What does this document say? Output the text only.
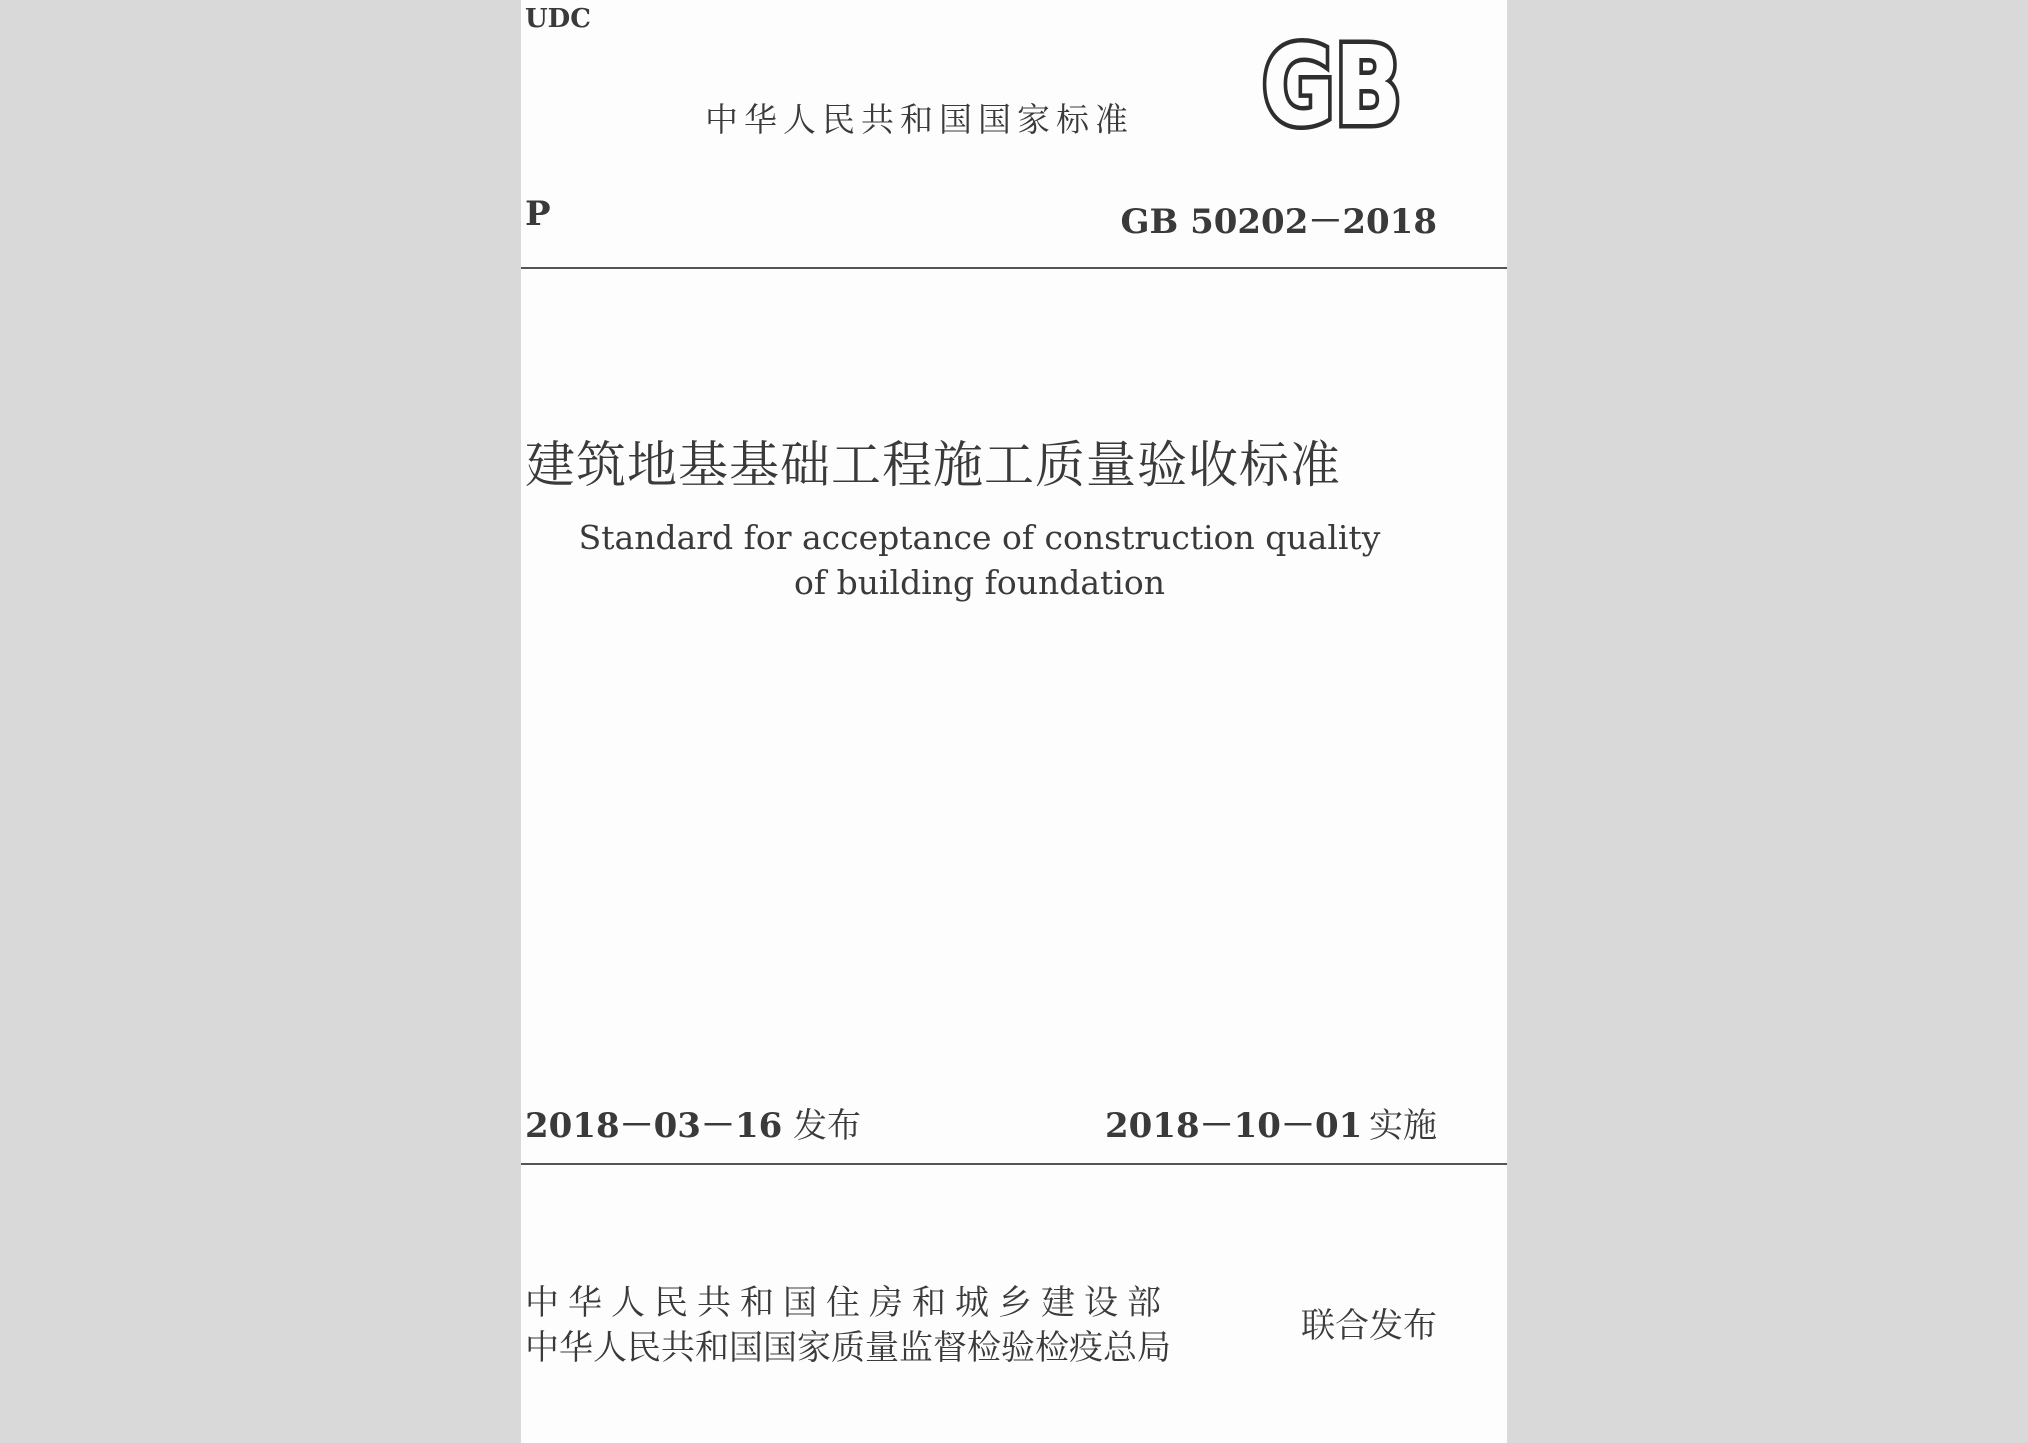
UDC
中华人民共和国国家标准 GB
P	GB 50202－2018
建筑地基基础工程施工质量验收标准
Standard for acceptance of construction quality
of building foundation
2018－03－16 发布	2018－10－01 实施
中华人民共和国住房和城乡建设部
中华人民共和国国家质量监督检验检疫总局
联合发布
